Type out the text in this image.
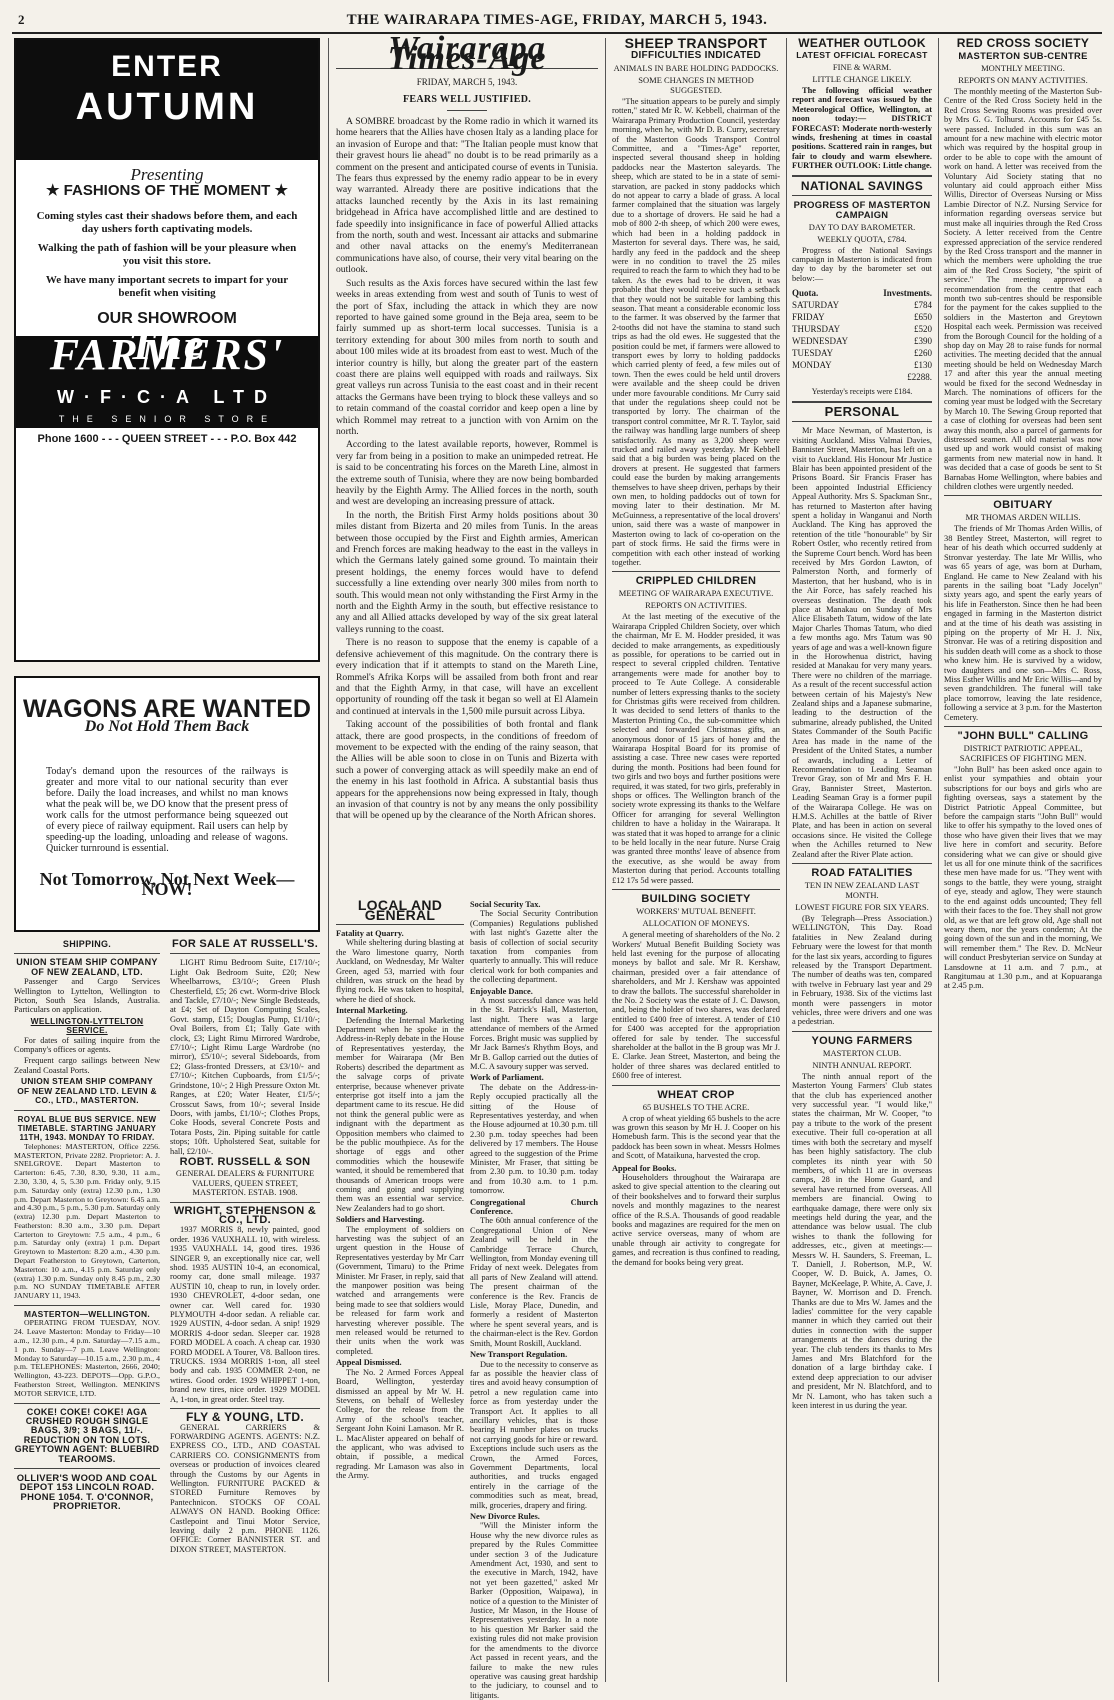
2	THE WAIRARAPA TIMES-AGE, FRIDAY, MARCH 5, 1943.
ENTER
AUTUMN
Presenting
★ FASHIONS OF THE MOMENT ★
Coming styles cast their shadows before them, and each day ushers forth captivating models.
Walking the path of fashion will be your pleasure when you visit this store.
We have many important secrets to impart for your benefit when visiting
OUR SHOWROOM
The FARMERS'
W·F·C·A LTD
THE SENIOR STORE
Phone 1600 - - - QUEEN STREET - - - P.O. Box 442
WAGONS ARE WANTED
Do Not Hold Them Back
Today's demand upon the resources of the railways is greater and more vital to our national security than ever before. Daily the load increases, and whilst no man knows what the peak will be, we DO know that the present press of work calls for the utmost performance being squeezed out of every piece of railway equipment. Rail users can help by speeding-up the loading, unloading and release of wagons. Quicker turnround is essential.
Not Tomorrow, Not Next Week—NOW!
SHIPPING.
UNION STEAM SHIP COMPANY OF NEW ZEALAND, LTD.

Passenger and Cargo Services Wellington to Lyttelton, Wellington to Picton, South Sea Islands, Australia. Particulars on application.

WELLINGTON-LYTTELTON SERVICE.

For dates of sailing inquire from the Company's offices or agents.

Frequent cargo sailings between New Zealand Coastal Ports.

UNION STEAM SHIP COMPANY OF NEW ZEALAND LTD. LEVIN & CO., LTD., MASTERTON.
ROYAL BLUE BUS SERVICE. NEW TIMETABLE. STARTING JANUARY 11TH, 1943. MONDAY TO FRIDAY.

Telephones: MASTERTON, Office 2256. MASTERTON, Private 2282. Proprietor: A. J. SNELGROVE. Depart Masterton to Carterton: 6.45, 7.30, 8.30, 9.30, 11 a.m., 2.30, 3.30, 4, 5, 5.30 p.m. Friday only, 9.15 p.m. Saturday only (extra) 12.30 p.m., 1.30 p.m. Depart Masterton to Greytown: 6.45 a.m. and 4.30 p.m., 5 p.m., 5.30 p.m. Saturday only (extra) 12.30 p.m. Depart Masterton to Featherston: 8.30 a.m., 3.30 p.m. Depart Carterton to Greytown: 7.5 a.m., 4 p.m., 6 p.m. Saturday only (extra) 1 p.m. Depart Greytown to Masterton: 8.20 a.m., 4.30 p.m. Depart Featherston to Greytown, Carterton, Masterton: 10 a.m., 4.15 p.m. Saturday only (extra) 1.30 p.m. Sunday only 8.45 p.m., 2.30 p.m. NO SUNDAY TIMETABLE AFTER JANUARY 11, 1943.

MASTERTON—WELLINGTON.

OPERATING FROM TUESDAY, NOV. 24. Leave Masterton: Monday to Friday—10 a.m., 12.30 p.m., 4 p.m. Saturday—7.15 a.m., 1 p.m. Sunday—7 p.m. Leave Wellington: Monday to Saturday—10.15 a.m., 2.30 p.m., 4 p.m. TELEPHONES: Masterton, 2666, 2040; Wellington, 43-223. DEPOTS—Opp. G.P.O., Featherston Street, Wellington. MENKIN'S MOTOR SERVICE, LTD.

COKE! COKE! COKE! AGA CRUSHED ROUGH SINGLE BAGS, 3/9; 3 BAGS, 11/-. REDUCTION ON TON LOTS. GREYTOWN AGENT: BLUEBIRD TEAROOMS.
OLLIVER'S WOOD AND COAL DEPOT 153 LINCOLN ROAD. PHONE 1054. T. O'CONNOR, PROPRIETOR.
FOR SALE AT RUSSELL'S.

LIGHT Rimu Bedroom Suite, £17/10/-; Light Oak Bedroom Suite, £20; New Wheelbarrows, £3/10/-; Green Plush Chesterfield, £5; 26 cwt. Worm-drive Block and Tackle, £7/10/-; New Single Bedsteads, at £4; Set of Dayton Computing Scales, Govt. stamp, £15; Douglas Pump, £1/10/-; Oval Boilers, from £1; Tally Gate with clock, £3; Light Rimu Mirrored Wardrobe, £7/10/-; Light Rimu Large Wardrobe (no mirror), £5/10/-; several Sideboards, from £2; Glass-fronted Dressers, at £3/10/- and £7/10/-; Kitchen Cupboards, from £1/5/-; Grindstone, 10/-; 2 High Pressure Oxton Mt. Ranges, at £20; Water Heater, £1/5/-; Crosscut Saws, from 10/-; several Inside Doors, with jambs, £1/10/-; Clothes Props, Coke Hoods, several Concrete Posts and Totara Posts, 2in. Piping suitable for cattle stops; 10ft. Upholstered Seat, suitable for hall, £2/10/-.

ROBT. RUSSELL & SON
GENERAL DEALERS & FURNITURE VALUERS, QUEEN STREET, MASTERTON. ESTAB. 1908.
WRIGHT, STEPHENSON & CO., LTD.

1937 MORRIS 8, newly painted, good order. 1936 VAUXHALL 10, with wireless. 1935 VAUXHALL 14, good tires. 1936 SINGER 9, an exceptionally nice car, well shod. 1935 AUSTIN 10-4, an economical, roomy car, done small mileage. 1937 AUSTIN 10, cheap to run, in lovely order. 1930 CHEVROLET, 4-door sedan, one owner car. Well cared for. 1930 PLYMOUTH 4-door sedan. A reliable car. 1929 AUSTIN, 4-door sedan. A snip! 1929 MORRIS 4-door sedan. Sleeper car. 1928 FORD MODEL A coach. A cheap car. 1930 FORD MODEL A Tourer, V8. Balloon tires. TRUCKS. 1934 MORRIS 1-ton, all steel body and cab. 1935 COMMER 2-ton, ne wtires. Good order. 1929 WHIPPET 1-ton, brand new tires, nice order. 1929 MODEL A, 1-ton, in great order. Steel tray.

FLY & YOUNG, LTD.

GENERAL CARRIERS & FORWARDING AGENTS. AGENTS: N.Z. EXPRESS CO., LTD., AND COASTAL CARRIERS CO. CONSIGNMENTS from overseas or production of invoices cleared through the Customs by our Agents in Wellington. FURNITURE PACKED & STORED Furniture Removes by Pantechnicon. STOCKS OF COAL ALWAYS ON HAND. Booking Office: Castlepoint and Tinui Motor Service, leaving daily 2 p.m. PHONE 1126. OFFICE: Corner BANNISTER ST. and DIXON STREET, MASTERTON.

Wairarapa Times-Age
FRIDAY, MARCH 5, 1943.
FEARS WELL JUSTIFIED.

A SOMBRE broadcast by the Rome radio in which it warned its home hearers that the Allies have chosen Italy as a landing place for an invasion of Europe and that: "The Italian people must know that their gravest hours lie ahead" no doubt is to be read primarily as a comment on the present and anticipated course of events in Tunisia. The fears thus expressed by the enemy radio appear to be in every way warranted. Already there are positive indications that the attacks launched recently by the Axis in its last remaining bridgehead in Africa have accomplished little and are destined to fade speedily into insignificance in face of powerful Allied attacks from the north, south and west. Incessant air attacks and submarine and other naval attacks on the enemy's Mediterranean communications have also, of course, their very vital bearing on the outlook.

Such results as the Axis forces have secured within the last few weeks in areas extending from west and south of Tunis to west of the port of Sfax, including the attack in which they are now reported to have gained some ground in the Beja area, seem to be fairly summed up as short-term local successes. Tunisia is a territory extending for about 300 miles from north to south and about 100 miles wide at its broadest from east to west. Much of the interior country is hilly, but along the greater part of the eastern coast there are plains well equipped with roads and railways. Six great valleys run across Tunisia to the east coast and in their recent attacks the Germans have been trying to block these valleys and so to retain command of the coastal corridor and keep open a line by which Rommel may retreat to a junction with von Arnim on the north.

According to the latest available reports, however, Rommel is very far from being in a position to make an unimpeded retreat. He is said to be concentrating his forces on the Mareth Line, almost in the extreme south of Tunisia, where they are now being bombarded heavily by the Eighth Army. The Allied forces in the north, south and west are developing an increasing pressure of attack.

In the north, the British First Army holds positions about 30 miles distant from Bizerta and 20 miles from Tunis. In the areas between those occupied by the First and Eighth armies, American and French forces are making headway to the east in the valleys in which the Germans lately gained some ground. To maintain their present holdings, the enemy forces would have to defend successfully a line extending over nearly 300 miles from north to south. This would mean not only withstanding the First Army in the north and the Eighth Army in the south, but effective resistance to any and all Allied attacks developed by way of the six great lateral valleys running to the coast.

There is no reason to suppose that the enemy is capable of a defensive achievement of this magnitude. On the contrary there is every indication that if it attempts to stand on the Mareth Line, Rommel's Afrika Korps will be assailed from both front and rear and that the Eighth Army, in that case, will have an excellent opportunity of rounding off the task it began so well at El Alamein and continued at intervals in the 1,500 mile pursuit across Libya.

Taking account of the possibilities of both frontal and flank attack, there are good prospects, in the conditions of freedom of movement to be expected with the ending of the rainy season, that the Allies will be able soon to close in on Tunis and Bizerta with such a power of converging attack as will speedily make an end of the enemy in his last foothold in Africa. A substantial basis thus appears for the apprehensions now being expressed in Italy, though an invasion of that country is not by any means the only possibility that will be opened up by the clearance of the North African shores.

LOCAL AND GENERAL
Fatality at Quarry.

While sheltering during blasting at the Waro limestone quarry, North Auckland, on Wednesday, Mr Walter Green, aged 53, married with four children, was struck on the head by flying rock. He was taken to hospital, where he died of shock.

Internal Marketing.

Defending the Internal Marketing Department when he spoke in the Address-in-Reply debate in the House of Representatives yesterday, the member for Wairarapa (Mr Ben Roberts) described the department as the salvage corps of private enterprise, because whenever private enterprise got itself into a jam the department came to its rescue. He did not think the general public were as indignant with the department as Opposition members who claimed to be the public mouthpiece. As for the shortage of eggs and other commodities which the housewife wanted, it should be remembered that thousands of American troops were coming and going and supplying them was an essential war service. New Zealanders had to go short.

Soldiers and Harvesting.

The employment of soldiers on harvesting was the subject of an urgent question in the House of Representatives yesterday by Mr Carr (Government, Timaru) to the Prime Minister. Mr Fraser, in reply, said that the manpower position was being watched and arrangements were being made to see that soldiers would be released for farm work and harvesting wherever possible. The men released would be returned to their units when the work was completed.

Appeal Dismissed.

The No. 2 Armed Forces Appeal Board, Wellington, yesterday dismissed an appeal by Mr W. H. Stevens, on behalf of Wellesley College, for the release from the Army of the school's teacher, Sergeant John Koini Lamason. Mr R. L. MacAlister appeared on behalf of the applicant, who was advised to obtain, if possible, a medical regrading. Mr Lamason was also in the Army.

Social Security Tax.

The Social Security Contribution (Companies) Regulations published with last night's Gazette alter the basis of collection of social security taxation from companies from quarterly to annually. This will reduce clerical work for both companies and the collecting department.

Enjoyable Dance.

A most successful dance was held in the St. Patrick's Hall, Masterton, last night. There was a large attendance of members of the Armed Forces. Bright music was supplied by Mr Jack Barnes's Rhythm Boys, and Mr B. Gallop carried out the duties of M.C. A savoury supper was served.

Work of Parliament.

The debate on the Address-in-Reply occupied practically all the sitting of the House of Representatives yesterday, and when the House adjourned at 10.30 p.m. till 2.30 p.m. today speeches had been delivered by 17 members. The House agreed to the suggestion of the Prime Minister, Mr Fraser, that sitting be from 2.30 p.m. to 10.30 p.m. today and from 10.30 a.m. to 1 p.m. tomorrow.

Congregational Church Conference.

The 60th annual conference of the Congregational Union of New Zealand will be held in the Cambridge Terrace Church, Wellington, from Monday evening till Friday of next week. Delegates from all parts of New Zealand will attend. The present chairman of the conference is the Rev. Francis de Lisle, Moray Place, Dunedin, and formerly a resident of Masterton where he spent several years, and is the chairman-elect is the Rev. Gordon Smith, Mount Roskill, Auckland.

New Transport Regulation.

Due to the necessity to conserve as far as possible the heavier class of tires and avoid heavy consumption of petrol a new regulation came into force as from yesterday under the Transport Act. It applies to all ancillary vehicles, that is those bearing H number plates on trucks not carrying goods for hire or reward. Exceptions include such users as the Crown, the Armed Forces, Government Departments, local authorities, and trucks engaged entirely in the carriage of the commodities such as meat, bread, milk, groceries, drapery and firing.

New Divorce Rules.

"Will the Minister inform the House why the new divorce rules as prepared by the Rules Committee under section 3 of the Judicature Amendment Act, 1930, and sent to the executive in March, 1942, have not yet been gazetted," asked Mr Barker (Opposition, Waipawa), in notice of a question to the Minister of Justice, Mr Mason, in the House of Representatives yesterday. In a note to his question Mr Barker said the existing rules did not make provision for the amendments to the divorce Act passed in recent years, and the failure to make the new rules operative was causing great hardship to the judiciary, to counsel and to litigants.

SHEEP TRANSPORT
DIFFICULTIES INDICATED
ANIMALS IN BARE HOLDING PADDOCKS.
SOME CHANGES IN METHOD SUGGESTED.

"The situation appears to be purely and simply rotten," stated Mr R. W. Kebbell, chairman of the Wairarapa Primary Production Council, yesterday morning, when he, with Mr D. B. Curry, secretary of the Masterton Goods Transport Control Committee, and a "Times-Age" reporter, inspected several thousand sheep in holding paddocks near the Masterton saleyards. The sheep, which are stated to be in a state of semi-starvation, are packed in stony paddocks which do not appear to carry a blade of grass. A local farmer complained that the situation was largely due to a shortage of drovers. He said he had a mob of 800 2-th sheep, of which 200 were ewes, which had been in a holding paddock in Masterton for several days. There was, he said, hardly any feed in the paddock and the sheep were in no condition to travel the 25 miles required to reach the farm to which they had to be taken. As the ewes had to be driven, it was probable that they would receive such a setback that they would not be suitable for lambing this season. That meant a considerable economic loss to the farmer. It was observed by the farmer that 2-tooths did not have the stamina to stand such trips as had the old ewes. He suggested that the position could be met, if farmers were allowed to transport ewes by lorry to holding paddocks which carried plenty of feed, a few miles out of town. Then the ewes could be held until drovers were available and the sheep could be driven under more favourable conditions. Mr Curry said that under the regulations sheep could not be transported by lorry. The chairman of the transport control committee, Mr R. T. Taylor, said the railway was handling large numbers of sheep satisfactorily. As many as 3,200 sheep were trucked and railed away yesterday. Mr Kebbell said that a big burden was being placed on the drovers at present. He suggested that farmers could ease the burden by making arrangements themselves to have sheep driven, perhaps by their own men, to holding paddocks out of town for moving later to their destination. Mr M. McGuinness, a representative of the local drovers' union, said there was a waste of manpower in Masterton owing to lack of co-operation on the part of stock firms. He said the firms were in competition with each other instead of working together.

CRIPPLED CHILDREN
MEETING OF WAIRARAPA EXECUTIVE.
REPORTS ON ACTIVITIES.

At the last meeting of the executive of the Wairarapa Crippled Children Society, over which the chairman, Mr E. M. Hodder presided, it was decided to make arrangements, as expeditiously as possible, for operations to be carried out in respect to several crippled children. Tentative arrangements were made for another boy to proceed to Te Aute College. A considerable number of letters expressing thanks to the society for Christmas gifts were received from children. It was decided to send letters of thanks to the Masterton Printing Co., the sub-committee which selected and forwarded Christmas gifts, an anonymous donor of 15 jars of honey and the Wairarapa Hospital Board for its promise of assisting a case. Three new cases were reported during the month. Positions had been found for two girls and two boys and further positions were required, it was stated, for two girls, preferably in shops or offices. The Wellington branch of the society wrote expressing its thanks to the Welfare Officer for arranging for several Wellington children to have a holiday in the Wairarapa. It was stated that it was hoped to arrange for a clinic to be held locally in the near future. Nurse Craig was granted three months' leave of absence from the executive, as she would be away from Masterton during that period. Accounts totalling £12 17s 5d were passed.

BUILDING SOCIETY
WORKERS' MUTUAL BENEFIT.
ALLOCATION OF MONEYS.

A general meeting of shareholders of the No. 2 Workers' Mutual Benefit Building Society was held last evening for the purpose of allocating moneys by ballot and sale. Mr R. Kershaw, chairman, presided over a fair attendance of shareholders, and Mr J. Kershaw was appointed to draw the ballots. The successful shareholder in the No. 2 Society was the estate of J. C. Dawson, and, being the holder of two shares, was declared entitled to £400 free of interest. A tender of £10 for £400 was accepted for the appropriation offered for sale by tender. The successful shareholder at the ballot in the B group was Mr J. E. Clarke. Jean Street, Masterton, and being the holder of three shares was declared entitled to £600 free of interest.

WHEAT CROP
65 BUSHELS TO THE ACRE.

A crop of wheat yielding 65 bushels to the acre was grown this season by Mr H. J. Cooper on his Homebush farm. This is the second year that the paddock has been sown in wheat. Messrs Holmes and Scott, of Mataikuna, harvested the crop.

Appeal for Books.

Householders throughout the Wairarapa are asked to give special attention to the clearing out of their bookshelves and to forward their surplus novels and monthly magazines to the nearest office of the R.S.A. Thousands of good readable books and magazines are required for the men on active service overseas, many of whom are unable through air activity to congregate for games, and recreation is thus confined to reading, the demand for books being very great.

WEATHER OUTLOOK
LATEST OFFICIAL FORECAST
FINE & WARM.
LITTLE CHANGE LIKELY.

The following official weather report and forecast was issued by the Meteorological Office, Wellington, at noon today:— DISTRICT FORECAST: Moderate north-westerly winds, freshening at times in coastal positions. Scattered rain in ranges, but fair to cloudy and warm elsewhere. FURTHER OUTLOOK: Little change.

NATIONAL SAVINGS
PROGRESS OF MASTERTON CAMPAIGN
DAY TO DAY BAROMETER.
WEEKLY QUOTA, £784.

Progress of the National Savings campaign in Masterton is indicated from day to day by the barometer set out below:—

Quota.	Investments.
SATURDAY	£784
FRIDAY	£650
THURSDAY	£520
WEDNESDAY	£390
TUESDAY	£260
MONDAY	£130
	£2288.
Yesterday's receipts were £184.
PERSONAL

Mr Mace Newman, of Masterton, is visiting Auckland. Miss Valmai Davies, Bannister Street, Masterton, has left on a visit to Auckland. His Honour Mr Justice Blair has been appointed president of the Prisons Board. Sir Francis Fraser has been appointed Industrial Efficiency Appeal Authority. Mrs S. Spackman Snr., has returned to Masterton after having spent a holiday in Wanganui and North Auckland. The King has approved the retention of the title "honourable" by Sir Robert Ostler, who recently retired from the Supreme Court bench. Word has been received by Mrs Gordon Lawton, of Palmerston North, and formerly of Masterton, that her husband, who is in the Air Force, has safely reached his overseas destination. The death took place at Manakau on Sunday of Mrs Alice Elisabeth Tatum, widow of the late Major Charles Thomas Tatum, who died a few months ago. Mrs Tatum was 90 years of age and was a well-known figure in the Horowhenua district, having resided at Manakau for very many years. There were no children of the marriage. As a result of the recent successful action between certain of his Majesty's New Zealand ships and a Japanese submarine, leading to the destruction of the submarine, already published, the United States Commander of the South Pacific Area has made in the name of the President of the United States, a number of awards, including a Letter of Recommendation to Leading Seaman Trevor Gray, son of Mr and Mrs F. H. Gray, Bannister Street, Masterton. Leading Seaman Gray is a former pupil of the Wairarapa College. He was on H.M.S. Achilles at the battle of River Plate, and has been in action on several occasions since. He visited the College when the Achilles returned to New Zealand after the River Plate action.

ROAD FATALITIES
TEN IN NEW ZEALAND LAST MONTH.
LOWEST FIGURE FOR SIX YEARS.

(By Telegraph—Press Association.) WELLINGTON, This Day. Road fatalities in New Zealand during February were the lowest for that month for the last six years, according to figures released by the Transport Department. The number of deaths was ten, compared with twelve in February last year and 29 in February, 1938. Six of the victims last month were passengers in motor vehicles, three were drivers and one was a pedestrian.

YOUNG FARMERS
MASTERTON CLUB.
NINTH ANNUAL REPORT.

The ninth annual report of the Masterton Young Farmers' Club states that the club has experienced another very successful year. "I would like," states the chairman, Mr W. Cooper, "to pay a tribute to the work of the present executive. Their full co-operation at all times with both the secretary and myself has been highly satisfactory. The club completes its ninth year with 50 members, of which 11 are in overseas camps, 28 in the Home Guard, and several have returned from overseas. All members are financial. Owing to earthquake damage, there were only six meetings held during the year, and the attendance was below usual. The club wishes to thank the following for addresses, etc., given at meetings:— Messrs W. H. Saunders, S. Freeman, L. T. Daniell, J. Robertson, M.P., W. Cooper, W. D. Buick, A. James, O. Bayner, McKeelage, P. White, A. Cave, J. Bayner, W. Morrison and D. French. Thanks are due to Mrs W. James and the ladies' committee for the very capable manner in which they carried out their duties in connection with the supper arrangements at the dances during the year. The club tenders its thanks to Mrs James and Mrs Blatchford for the donation of a large birthday cake. I extend deep appreciation to our adviser and president, Mr N. Blatchford, and to Mr N. Lamont, who has taken such a keen interest in us during the year.

RED CROSS SOCIETY
MASTERTON SUB-CENTRE
MONTHLY MEETING.
REPORTS ON MANY ACTIVITIES.

The monthly meeting of the Masterton Sub-Centre of the Red Cross Society held in the Red Cross Sewing Rooms was presided over by Mrs G. G. Tolhurst. Accounts for £45 5s. were passed. Included in this sum was an amount for a new machine with electric motor which was required by the hospital group in order to be able to cope with the amount of work on hand. A letter was received from the Voluntary Aid Society stating that no voluntary aid could approach either Miss Willis, Director of Overseas Nursing or Miss Lambie Director of N.Z. Nursing Service for information regarding overseas service but must make all inquiries through the Red Cross Society. A letter received from the Centre expressed appreciation of the service rendered by the Red Cross transport and the manner in which the members were upholding the true aim of the Red Cross Society, "the spirit of service." The meeting approved a recommendation from the centre that each month two sub-centres should be responsible for the payment for the cakes supplied to the soldiers in the Masterton and Greytown Hospital each week. Permission was received from the Borough Council for the holding of a shop day on May 28 to raise funds for normal activities. The meeting decided that the annual meeting should be held on Wednesday March 17 and after this year the annual meeting would be fixed for the second Wednesday in March. The nominations of officers for the coming year must be lodged with the Secretary by March 10. The Sewing Group reported that a case of clothing for overseas had been sent away this month, also a parcel of garments for distressed seamen. All old material was now used up and work would consist of making garments from new material now in hand. It was decided that a case of goods be sent to St Barnabas Home Wellington, where babies and children clothes were urgently needed.

OBITUARY
MR THOMAS ARDEN WILLIS.

The friends of Mr Thomas Arden Willis, of 38 Bentley Street, Masterton, will regret to hear of his death which occurred suddenly at Stronvar yesterday. The late Mr Willis, who was 65 years of age, was born at Durham, England. He came to New Zealand with his parents in the sailing boat "Lady Jocelyn" sixty years ago, and spent the early years of his life in Featherston. Since then he had been engaged in farming in the Masterton district and at the time of his death was assisting in piping on the property of Mr H. J. Nix, Stronvar. He was of a retiring disposition and his sudden death will come as a shock to those who knew him. He is survived by a widow, two daughters and one son—Mrs C. Ross, Miss Esther Willis and Mr Eric Willis—and by seven grandchildren. The funeral will take place tomorrow, leaving the late residence, following a service at 3 p.m. for the Masterton Cemetery.

"JOHN BULL" CALLING
DISTRICT PATRIOTIC APPEAL, SACRIFICES OF FIGHTING MEN.

"John Bull" has been asked once again to enlist your sympathies and obtain your subscriptions for our boys and girls who are fighting overseas, says a statement by the District Patriotic Appeal Committee, but before the campaign starts "John Bull" would like to offer his sympathy to the loved ones of those who have given their lives that we may live here in comfort and security. Before considering what we can give or should give let us all for one minute think of the sacrifices these men have made for us. "They went with songs to the battle, they were young, straight of eye, steady and aglow, They were staunch to the end against odds uncounted; They fell with their faces to the foe. They shall not grow old, as we that are left grow old, Age shall not weary them, nor the years condemn; At the going down of the sun and in the morning, We will remember them." The Rev. D. McNeur will conduct Presbyterian service on Sunday at Lansdowne at 11 a.m. and 7 p.m., at Rangitumau at 1.30 p.m., and at Kopuaranga at 2.45 p.m.
